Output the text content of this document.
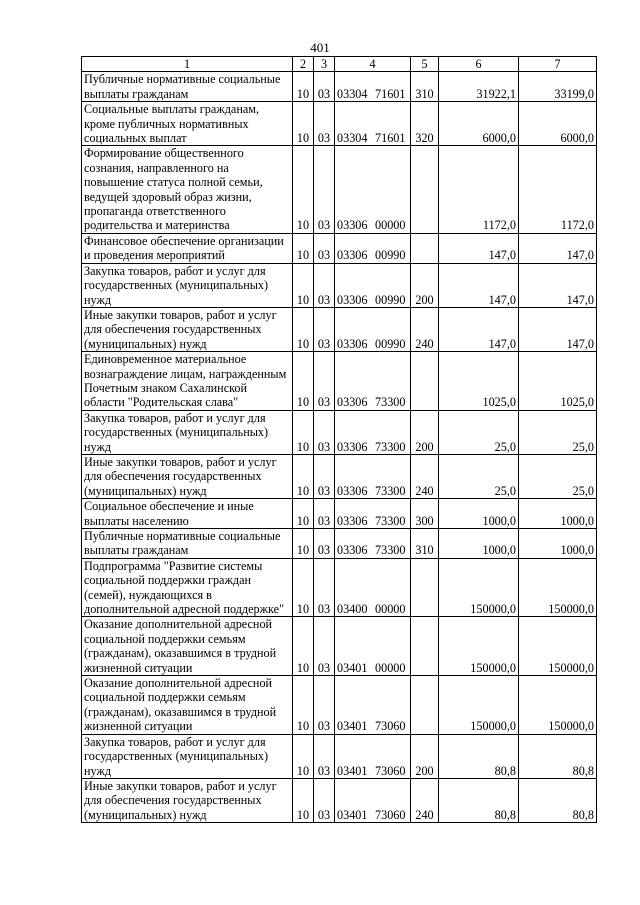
401
1	2	3	4	5	6	7
Публичные нормативные социальные выплаты гражданам	10	03	03304 71601	310	31922,1	33199,0
Социальные выплаты гражданам, кроме публичных нормативных социальных выплат	10	03	03304 71601	320	6000,0	6000,0
Формирование общественного сознания, направленного на повышение статуса полной семьи, ведущей здоровый образ жизни, пропаганда ответственного родительства и материнства	10	03	03306 00000		1172,0	1172,0
Финансовое обеспечение организации и проведения мероприятий	10	03	03306 00990		147,0	147,0
Закупка товаров, работ и услуг для государственных (муниципальных) нужд	10	03	03306 00990	200	147,0	147,0
Иные закупки товаров, работ и услуг для обеспечения государственных (муниципальных) нужд	10	03	03306 00990	240	147,0	147,0
Единовременное материальное вознаграждение лицам, награжденным Почетным знаком Сахалинской области "Родительская слава"	10	03	03306 73300		1025,0	1025,0
Закупка товаров, работ и услуг для государственных (муниципальных) нужд	10	03	03306 73300	200	25,0	25,0
Иные закупки товаров, работ и услуг для обеспечения государственных (муниципальных) нужд	10	03	03306 73300	240	25,0	25,0
Социальное обеспечение и иные выплаты населению	10	03	03306 73300	300	1000,0	1000,0
Публичные нормативные социальные выплаты гражданам	10	03	03306 73300	310	1000,0	1000,0
Подпрограмма "Развитие системы социальной поддержки граждан (семей), нуждающихся в дополнительной адресной поддержке"	10	03	03400 00000		150000,0	150000,0
Оказание дополнительной адресной социальной поддержки семьям (гражданам), оказавшимся в трудной жизненной ситуации	10	03	03401 00000		150000,0	150000,0
Оказание дополнительной адресной социальной поддержки семьям (гражданам), оказавшимся в трудной жизненной ситуации	10	03	03401 73060		150000,0	150000,0
Закупка товаров, работ и услуг для государственных (муниципальных) нужд	10	03	03401 73060	200	80,8	80,8
Иные закупки товаров, работ и услуг для обеспечения государственных (муниципальных) нужд	10	03	03401 73060	240	80,8	80,8
